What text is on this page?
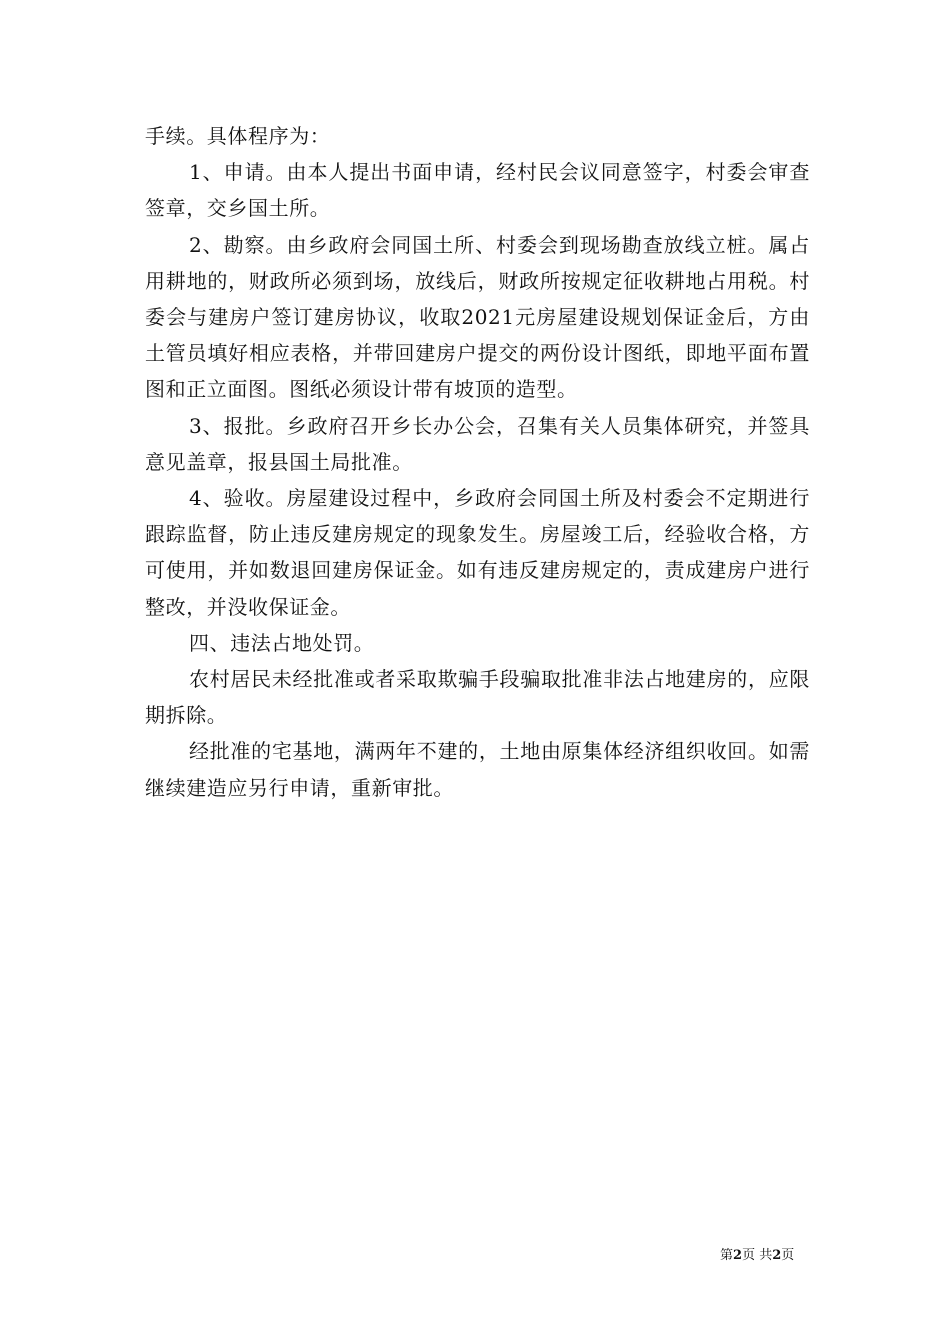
手续。具体程序为：

1、申请。由本人提出书面申请，经村民会议同意签字，村委会审查签章，交乡国土所。

2、勘察。由乡政府会同国土所、村委会到现场勘查放线立桩。属占用耕地的，财政所必须到场，放线后，财政所按规定征收耕地占用税。村委会与建房户签订建房协议，收取2021元房屋建设规划保证金后，方由土管员填好相应表格，并带回建房户提交的两份设计图纸，即地平面布置图和正立面图。图纸必须设计带有坡顶的造型。

3、报批。乡政府召开乡长办公会，召集有关人员集体研究，并签具意见盖章，报县国土局批准。

4、验收。房屋建设过程中，乡政府会同国土所及村委会不定期进行跟踪监督，防止违反建房规定的现象发生。房屋竣工后，经验收合格，方可使用，并如数退回建房保证金。如有违反建房规定的，责成建房户进行整改，并没收保证金。

四、违法占地处罚。

农村居民未经批准或者采取欺骗手段骗取批准非法占地建房的，应限期拆除。

经批准的宅基地，满两年不建的，土地由原集体经济组织收回。如需继续建造应另行申请，重新审批。

第2页 共2页
